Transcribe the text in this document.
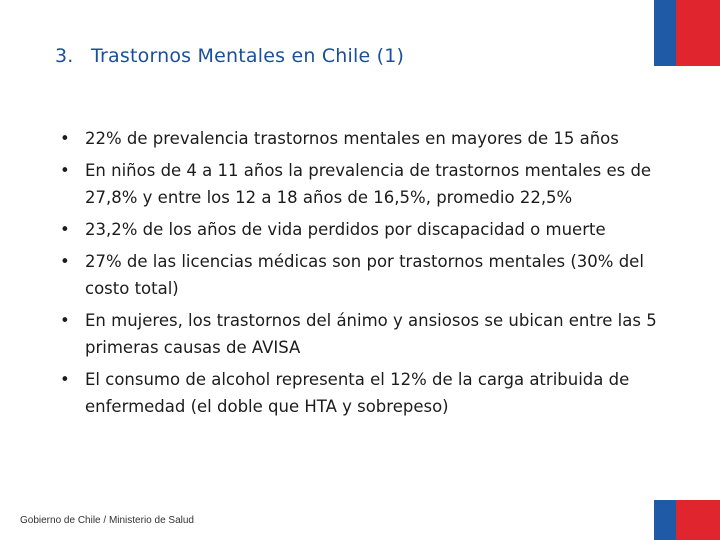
3. Trastornos Mentales en Chile (1)
• 22% de prevalencia trastornos mentales en mayores de 15 años
• En niños de 4 a 11 años la prevalencia de trastornos mentales es de 27,8% y entre los 12 a 18 años de 16,5%, promedio 22,5%
• 23,2% de los años de vida perdidos por discapacidad o muerte
• 27% de las licencias médicas son por trastornos mentales (30% del costo total)
• En mujeres, los trastornos del ánimo y ansiosos se ubican entre las 5 primeras causas de AVISA
• El consumo de alcohol representa el 12% de la carga atribuida de enfermedad (el doble que HTA y sobrepeso)
Gobierno de Chile / Ministerio de Salud
